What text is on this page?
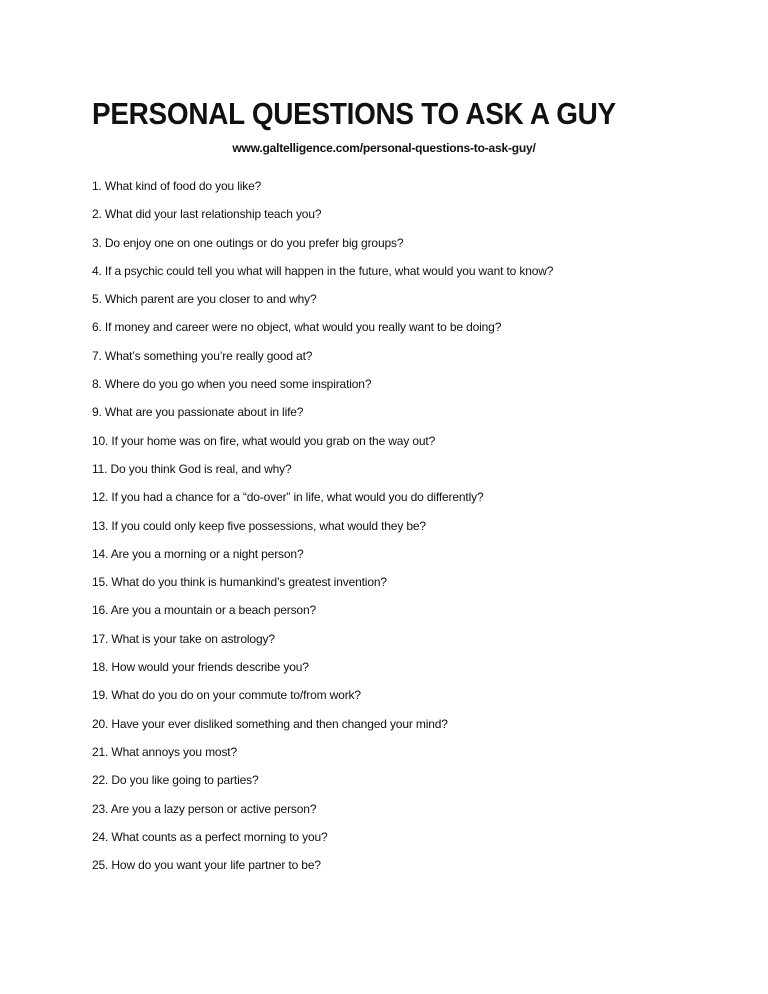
PERSONAL QUESTIONS TO ASK A GUY
www.galtelligence.com/personal-questions-to-ask-guy/
1. What kind of food do you like?
2. What did your last relationship teach you?
3. Do enjoy one on one outings or do you prefer big groups?
4. If a psychic could tell you what will happen in the future, what would you want to know?
5. Which parent are you closer to and why?
6. If money and career were no object, what would you really want to be doing?
7. What’s something you’re really good at?
8. Where do you go when you need some inspiration?
9. What are you passionate about in life?
10. If your home was on fire, what would you grab on the way out?
11. Do you think God is real, and why?
12. If you had a chance for a “do-over” in life, what would you do differently?
13. If you could only keep five possessions, what would they be?
14. Are you a morning or a night person?
15. What do you think is humankind’s greatest invention?
16. Are you a mountain or a beach person?
17. What is your take on astrology?
18. How would your friends describe you?
19. What do you do on your commute to/from work?
20. Have your ever disliked something and then changed your mind?
21. What annoys you most?
22. Do you like going to parties?
23. Are you a lazy person or active person?
24. What counts as a perfect morning to you?
25. How do you want your life partner to be?
